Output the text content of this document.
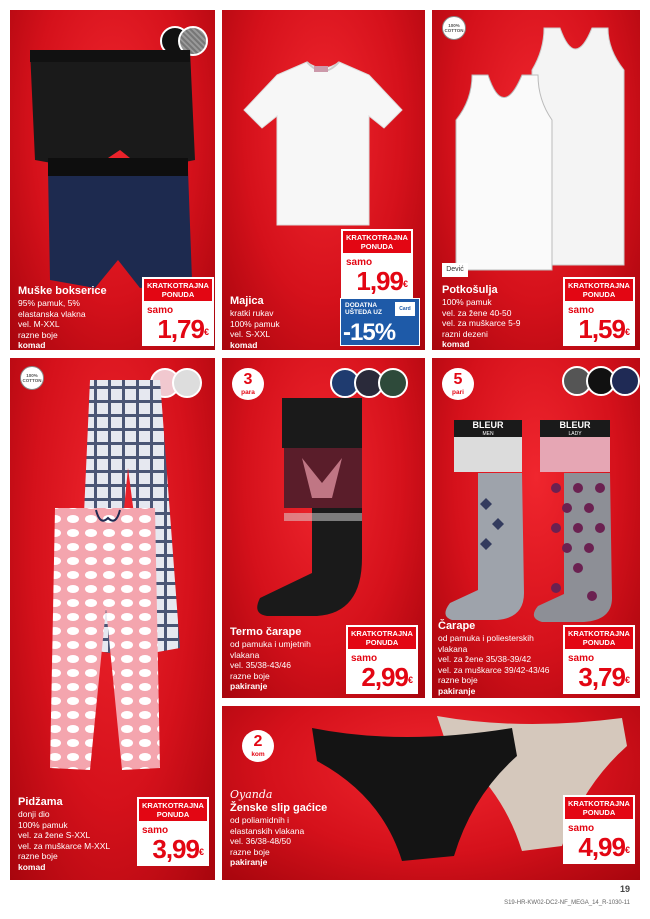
Muške bokserice
95% pamuk, 5%
elastanska vlakna
vel. M-XXL
razne boje
komad
KRATKOTRAJNA
PONUDA
samo
1,79€
KRATKOTRAJNA
PONUDA
samo
1,99€
DODATNA
UŠTEDA UZ	Card
-15%
Majica
kratki rukav
100% pamuk
vel. S-XXL
komad
100% COTTON
Dević
Potkošulja
100% pamuk
vel. za žene 40-50
vel. za muškarce 5-9
razni dezeni
komad
KRATKOTRAJNA
PONUDA
samo
1,59€
100% COTTON
Pidžama
donji dio
100% pamuk
vel. za žene S-XXL
vel. za muškarce M-XXL
razne boje
komad
KRATKOTRAJNA
PONUDA
samo
3,99€
3
para
Termo čarape
od pamuka i umjetnih
vlakana
vel. 35/38-43/46
razne boje
pakiranje
KRATKOTRAJNA
PONUDA
samo
2,99€
5
pari
BLEUR
MEN
BLEUR
LADY
Čarape
od pamuka i poliesterskih
vlakana
vel. za žene 35/38-39/42
vel. za muškarce 39/42-43/46
razne boje
pakiranje
KRATKOTRAJNA
PONUDA
samo
3,79€
2
kom
Oyanda
Ženske slip gaćice
od poliamidnih i
elastanskih vlakana
vel. 36/38-48/50
razne boje
pakiranje
KRATKOTRAJNA
PONUDA
samo
4,99€
19
S19-HR-KW02-DC2-NF_MEGA_14_R-1030-11
